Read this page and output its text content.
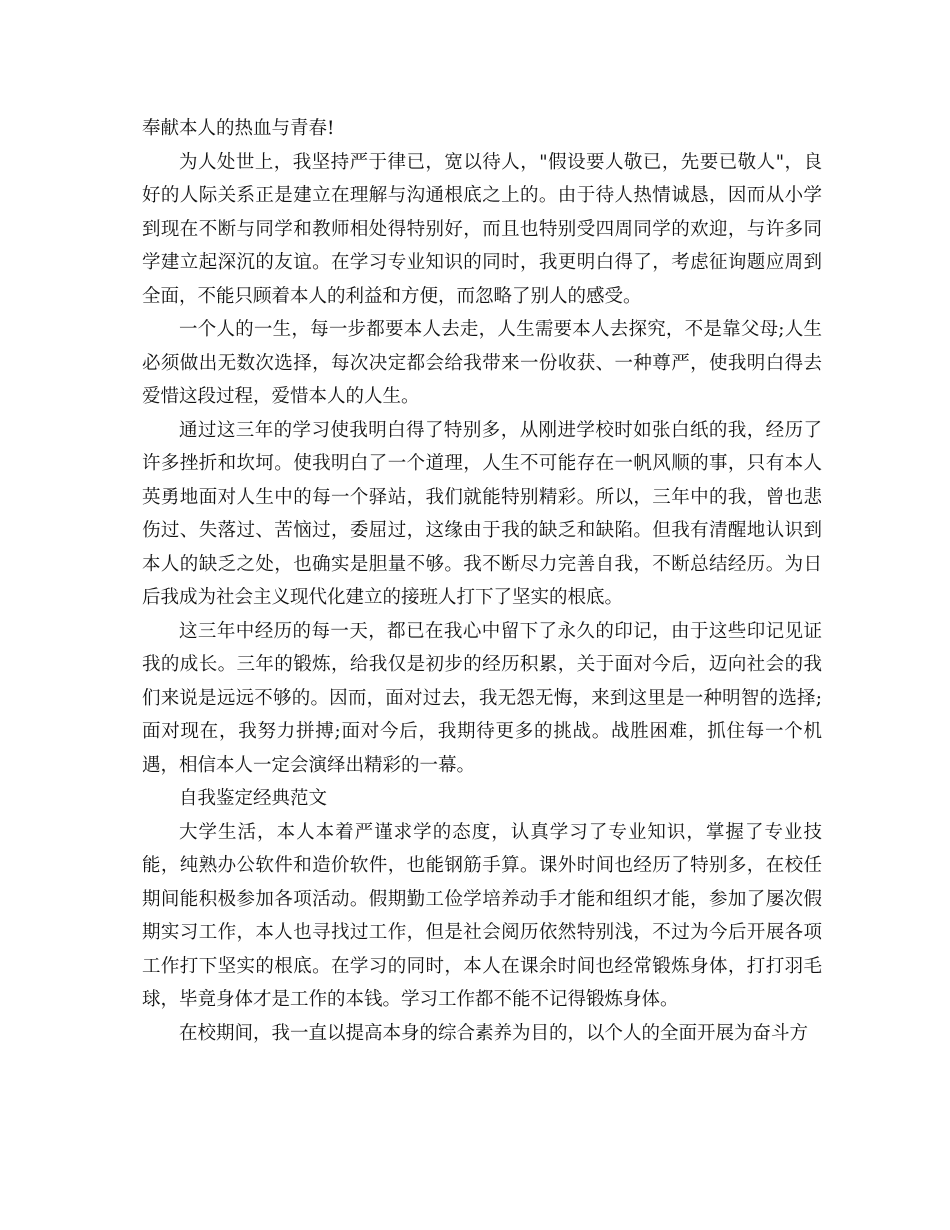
奉献本人的热血与青春!

为人处世上，我坚持严于律已，宽以待人，"假设要人敬已，先要已敬人"，良好的人际关系正是建立在理解与沟通根底之上的。由于待人热情诚恳，因而从小学到现在不断与同学和教师相处得特别好，而且也特别受四周同学的欢迎，与许多同学建立起深沉的友谊。在学习专业知识的同时，我更明白得了，考虑征询题应周到全面，不能只顾着本人的利益和方便，而忽略了别人的感受。

一个人的一生，每一步都要本人去走，人生需要本人去探究，不是靠父母;人生必须做出无数次选择，每次决定都会给我带来一份收获、一种尊严，使我明白得去爱惜这段过程，爱惜本人的人生。

通过这三年的学习使我明白得了特别多，从刚进学校时如张白纸的我，经历了许多挫折和坎坷。使我明白了一个道理，人生不可能存在一帆风顺的事，只有本人英勇地面对人生中的每一个驿站，我们就能特别精彩。所以，三年中的我，曾也悲伤过、失落过、苦恼过，委屈过，这缘由于我的缺乏和缺陷。但我有清醒地认识到本人的缺乏之处，也确实是胆量不够。我不断尽力完善自我，不断总结经历。为日后我成为社会主义现代化建立的接班人打下了坚实的根底。

这三年中经历的每一天，都已在我心中留下了永久的印记，由于这些印记见证我的成长。三年的锻炼，给我仅是初步的经历积累，关于面对今后，迈向社会的我们来说是远远不够的。因而，面对过去，我无怨无悔，来到这里是一种明智的选择;面对现在，我努力拼搏;面对今后，我期待更多的挑战。战胜困难，抓住每一个机遇，相信本人一定会演绎出精彩的一幕。

自我鉴定经典范文

大学生活，本人本着严谨求学的态度，认真学习了专业知识，掌握了专业技能，纯熟办公软件和造价软件，也能钢筋手算。课外时间也经历了特别多，在校任期间能积极参加各项活动。假期勤工俭学培养动手才能和组织才能，参加了屡次假期实习工作，本人也寻找过工作，但是社会阅历依然特别浅，不过为今后开展各项工作打下坚实的根底。在学习的同时，本人在课余时间也经常锻炼身体，打打羽毛球，毕竟身体才是工作的本钱。学习工作都不能不记得锻炼身体。

在校期间，我一直以提高本身的综合素养为目的，以个人的全面开展为奋斗方
